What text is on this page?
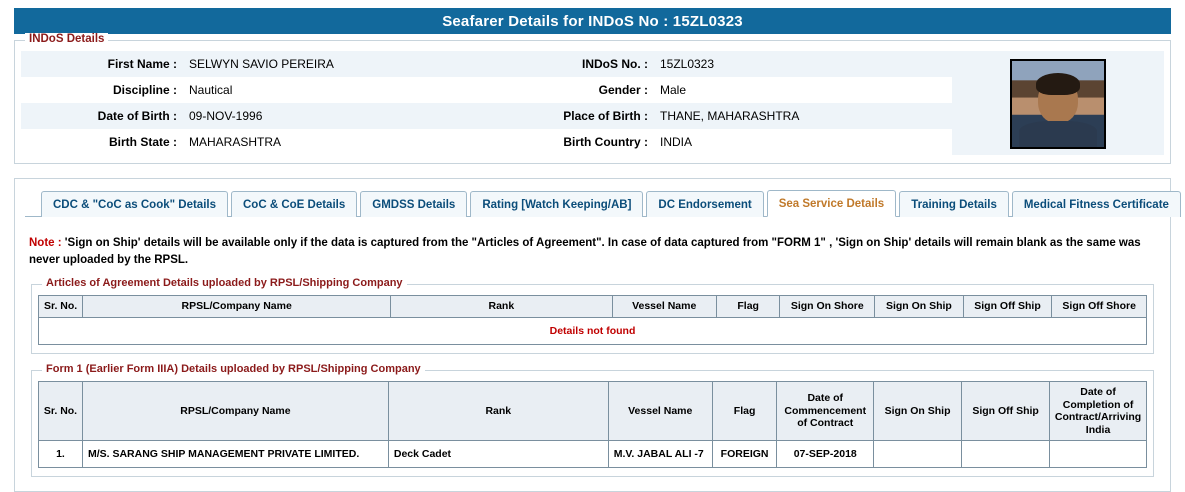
Seafarer Details for INDoS No : 15ZL0323
INDoS Details
First Name :	SELWYN SAVIO PEREIRA	INDoS No. :	15ZL0323	

Discipline :	Nautical	Gender :	Male	
Date of Birth :	09-NOV-1996	Place of Birth :	THANE, MAHARASHTRA	
Birth State :	MAHARASHTRA	Birth Country :	INDIA	
CDC & "CoC as Cook" Details	CoC & CoE Details	GMDSS Details	Rating [Watch Keeping/AB]	DC Endorsement	Sea Service Details	Training Details	Medical Fitness Certificate
Note : 'Sign on Ship' details will be available only if the data is captured from the "Articles of Agreement". In case of data captured from "FORM 1" , 'Sign on Ship' details will remain blank as the same was never uploaded by the RPSL.
Articles of Agreement Details uploaded by RPSL/Shipping Company
Sr. No.	RPSL/Company Name	Rank	Vessel Name	Flag	Sign On Shore	Sign On Ship	Sign Off Ship	Sign Off Shore
Details not found
Form 1 (Earlier Form IIIA) Details uploaded by RPSL/Shipping Company
Sr. No.	RPSL/Company Name	Rank	Vessel Name	Flag	Date of Commencement of Contract	Sign On Ship	Sign Off Ship	Date of Completion of Contract/Arriving India
1.	M/S. SARANG SHIP MANAGEMENT PRIVATE LIMITED.	Deck Cadet	M.V. JABAL ALI -7	FOREIGN	07-SEP-2018			
